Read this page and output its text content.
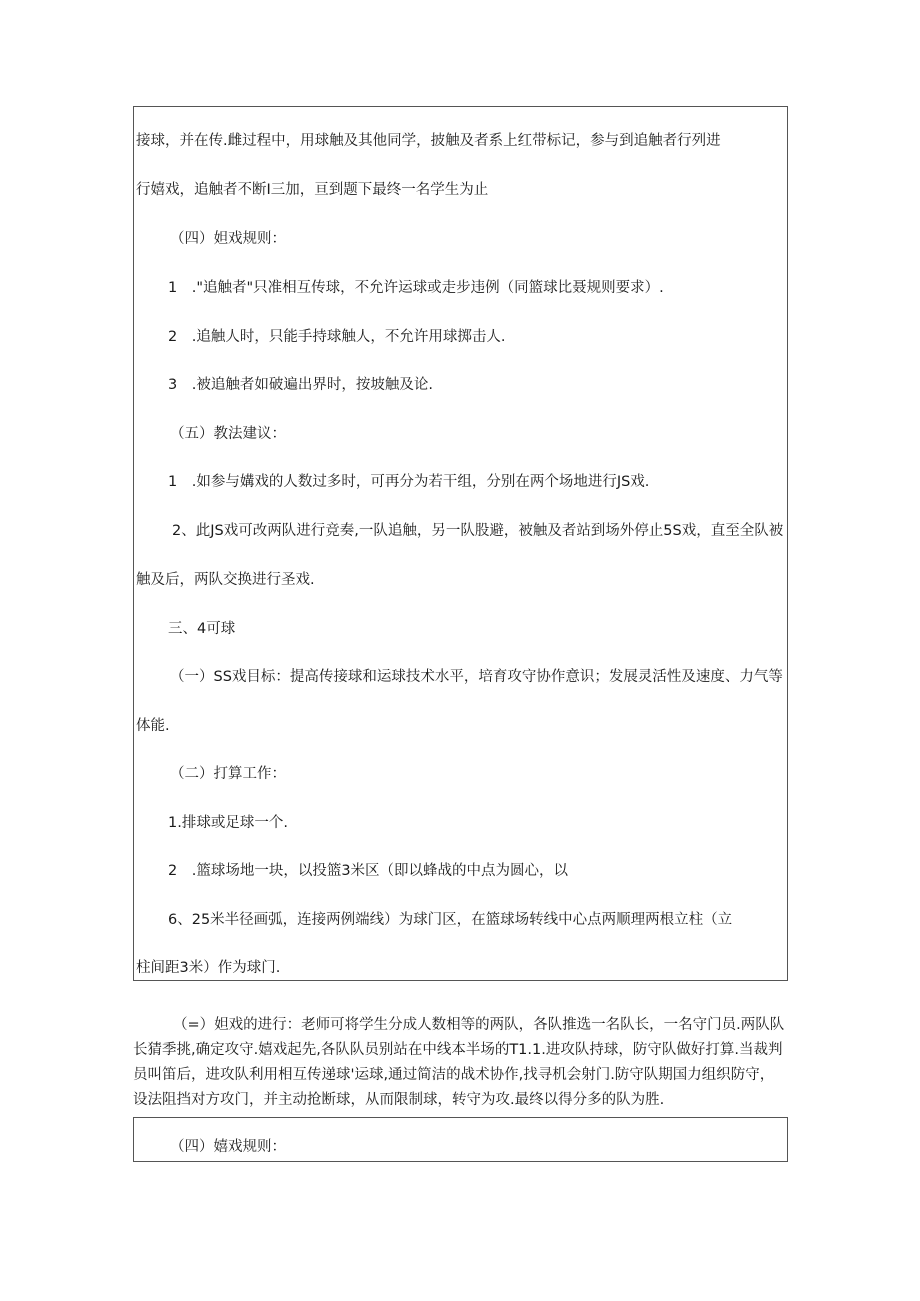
接球，并在传.雌过程中，用球触及其他同学，披触及者系上红带标记，参与到追触者行列进
行嬉戏，追触者不断I三加，亘到题下最终一名学生为止
（四）妲戏规则：
1　."追触者"只准相互传球，不允许运球或走步违例（同篮球比聂规则要求）.
2　.追触人时，只能手持球触人，不允许用球掷击人.
3　.被追触者如破遍出界时，按坡触及论.
（五）教法建议：
1　.如参与媾戏的人数过多时，可再分为若干组，分别在两个场地进行JS戏.
2、此JS戏可改两队进行竞奏,一队追触，另一队股避，被触及者站到场外停止5S戏，直至全队被
触及后，两队交换进行圣戏.
三、4可球
（一）SS戏目标：提高传接球和运球技术水平，培育攻守协作意识；发展灵活性及速度、力气等
体能.
（二）打算工作：
1.排球或足球一个.
2　.篮球场地一块，以投篮3米区（即以蜂战的中点为圆心，以
6、25米半径画弧，连接两例端线）为球门区，在篮球场转线中心点两顺理两根立柱（立
柱间距3米）作为球门.
（=）妲戏的进行：老师可将学生分成人数相等的两队，各队推选一名队长，一名守门员.两队队
长猜季挑,确定攻守.嬉戏起先,各队队员别站在中线本半场的T1.1.进攻队持球，防守队做好打算.当裁判
员叫笛后，进攻队利用相互传递球'运球,通过简洁的战术协作,找寻机会射门.防守队期国力组织防守，
设法阻挡对方攻门，并主动抢断球，从而限制球，转守为攻.最终以得分多的队为胜.
（四）嬉戏规则：
